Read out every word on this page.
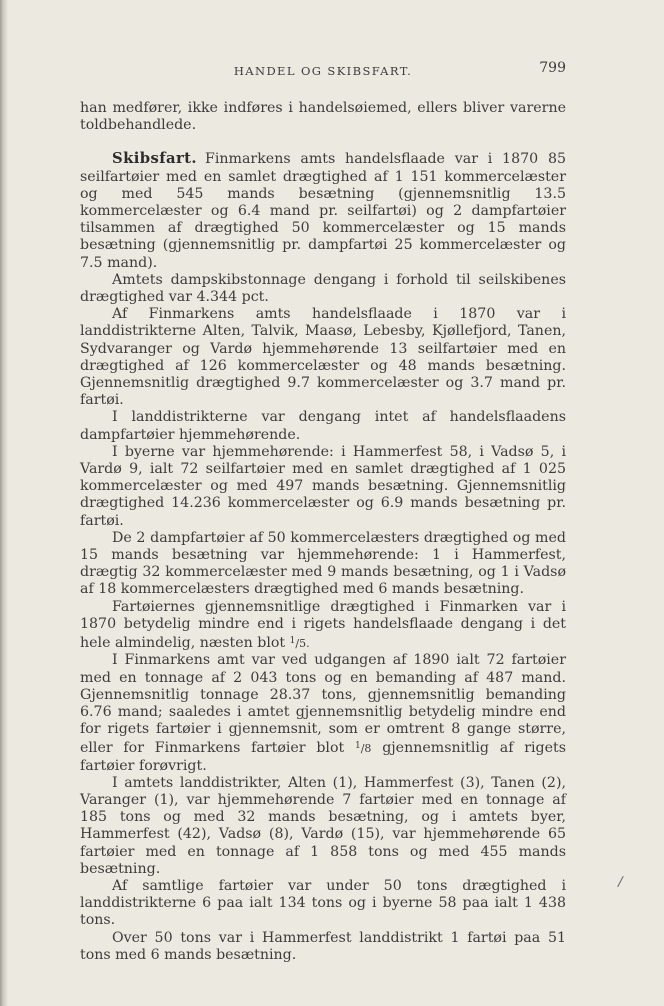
HANDEL OG SKIBSFART.	799

han medfører, ikke indføres i handelsøiemed, ellers bliver varerne toldbehandlede.

Skibsfart. Finmarkens amts handelsflaade var i 1870 85 seilfartøier med en samlet drægtighed af 1 151 kommercelæster og med 545 mands besætning (gjennemsnitlig 13.5 kommercelæster og 6.4 mand pr. seilfartøi) og 2 dampfartøier tilsammen af drægtighed 50 kommercelæster og 15 mands besætning (gjennemsnitlig pr. dampfartøi 25 kommercelæster og 7.5 mand).

Amtets dampskibstonnage dengang i forhold til seilskibenes drægtighed var 4.344 pct.

Af Finmarkens amts handelsflaade i 1870 var i landdistrikterne Alten, Talvik, Maasø, Lebesby, Kjøllefjord, Tanen, Sydvaranger og Vardø hjemmehørende 13 seilfartøier med en drægtighed af 126 kommercelæster og 48 mands besætning. Gjennemsnitlig drægtighed 9.7 kommercelæster og 3.7 mand pr. fartøi.

I landdistrikterne var dengang intet af handelsflaadens dampfartøier hjemmehørende.

I byerne var hjemmehørende: i Hammerfest 58, i Vadsø 5, i Vardø 9, ialt 72 seilfartøier med en samlet drægtighed af 1 025 kommercelæster og med 497 mands besætning. Gjennemsnitlig drægtighed 14.236 kommercelæster og 6.9 mands besætning pr. fartøi.

De 2 dampfartøier af 50 kommercelæsters drægtighed og med 15 mands besætning var hjemmehørende: 1 i Hammerfest, drægtig 32 kommercelæster med 9 mands besætning, og 1 i Vadsø af 18 kommercelæsters drægtighed med 6 mands besætning.

Fartøiernes gjennemsnitlige drægtighed i Finmarken var i 1870 betydelig mindre end i rigets handelsflaade dengang i det hele almindelig, næsten blot $^1$/5.

I Finmarkens amt var ved udgangen af 1890 ialt 72 fartøier med en tonnage af 2 043 tons og en bemanding af 487 mand. Gjennemsnitlig tonnage 28.37 tons, gjennemsnitlig bemanding 6.76 mand; saaledes i amtet gjennemsnitlig betydelig mindre end for rigets fartøier i gjennemsnit, som er omtrent 8 gange større, eller for Finmarkens fartøier blot $^1$/8 gjennemsnitlig af rigets fartøier forøvrigt.

I amtets landdistrikter, Alten (1), Hammerfest (3), Tanen (2), Varanger (1), var hjemmehørende 7 fartøier med en tonnage af 185 tons og med 32 mands besætning, og i amtets byer, Hammerfest (42), Vadsø (8), Vardø (15), var hjemmehørende 65 fartøier med en tonnage af 1 858 tons og med 455 mands besætning.

Af samtlige fartøier var under 50 tons drægtighed i landdistrikterne 6 paa ialt 134 tons og i byerne 58 paa ialt 1 438 tons.

Over 50 tons var i Hammerfest landdistrikt 1 fartøi paa 51 tons med 6 mands besætning.

/
